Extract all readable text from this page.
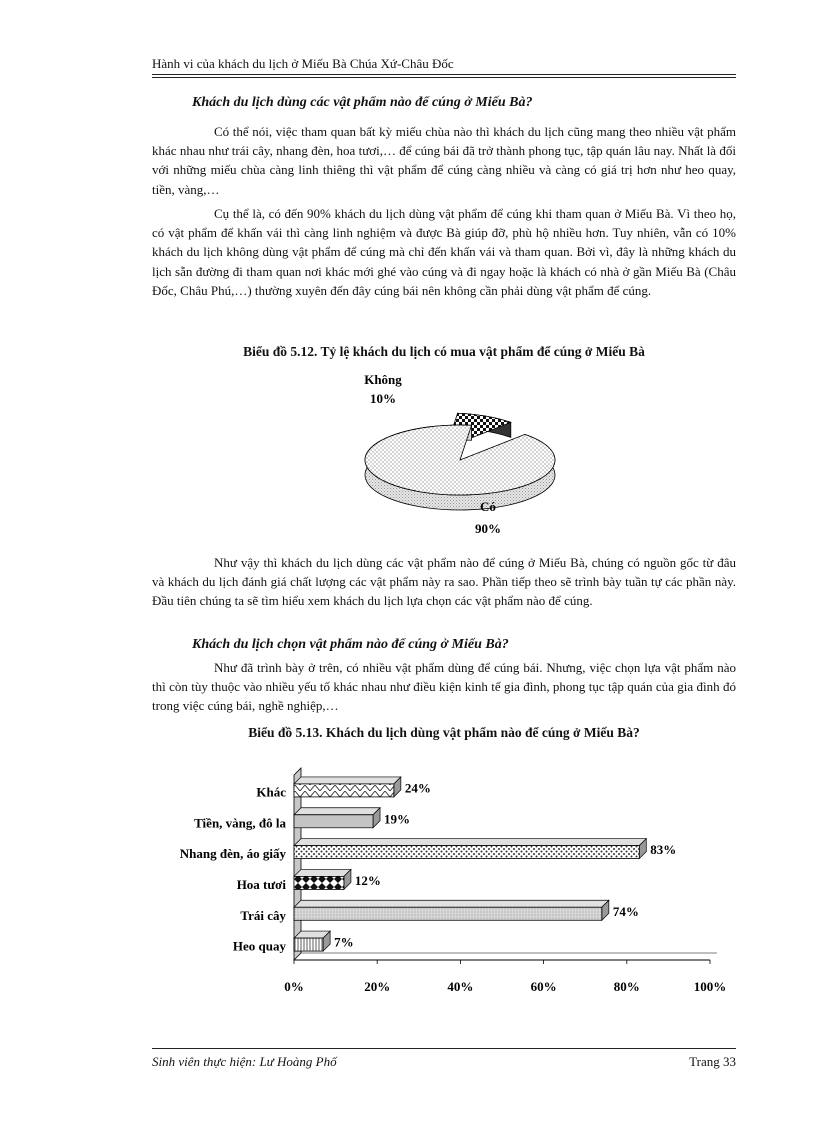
Hành vi của khách du lịch ở Miếu Bà Chúa Xứ-Châu Đốc
Khách du lịch dùng các vật phẩm nào để cúng ở Miếu Bà?

Có thể nói, việc tham quan bất kỳ miếu chùa nào thì khách du lịch cũng mang theo nhiều vật phẩm khác nhau như trái cây, nhang đèn, hoa tươi,… để cúng bái đã trở thành phong tục, tập quán lâu nay. Nhất là đối với những miếu chùa càng linh thiêng thì vật phẩm để cúng càng nhiều và càng có giá trị hơn như heo quay, tiền, vàng,…

Cụ thể là, có đến 90% khách du lịch dùng vật phẩm để cúng khi tham quan ở Miếu Bà. Vì theo họ, có vật phẩm để khấn vái thì càng linh nghiệm và được Bà giúp đỡ, phù hộ nhiều hơn. Tuy nhiên, vẫn có 10% khách du lịch không dùng vật phẩm để cúng mà chỉ đến khấn vái và tham quan. Bởi vì, đây là những khách du lịch sẵn đường đi tham quan nơi khác mới ghé vào cúng và đi ngay hoặc là khách có nhà ở gần Miếu Bà (Châu Đốc, Châu Phú,…) thường xuyên đến đây cúng bái nên không cần phải dùng vật phẩm để cúng.

Biểu đồ 5.12. Tỷ lệ khách du lịch có mua vật phẩm để cúng ở Miếu Bà
Không
10%
Có
90%

Như vậy thì khách du lịch dùng các vật phẩm nào để cúng ở Miếu Bà, chúng có nguồn gốc từ đâu và khách du lịch đánh giá chất lượng các vật phẩm này ra sao. Phần tiếp theo sẽ trình bày tuần tự các phần này. Đầu tiên chúng ta sẽ tìm hiểu xem khách du lịch lựa chọn các vật phẩm nào để cúng.

Khách du lịch chọn vật phẩm nào để cúng ở Miếu Bà?

Như đã trình bày ở trên, có nhiều vật phẩm dùng để cúng bái. Nhưng, việc chọn lựa vật phẩm nào thì còn tùy thuộc vào nhiều yếu tố khác nhau như điều kiện kinh tế gia đình, phong tục tập quán của gia đình đó trong việc cúng bái, nghề nghiệp,…

Biểu đồ 5.13. Khách du lịch dùng vật phẩm nào để cúng ở Miếu Bà?
0%	20%	40%	60%	80%	100%
Khác	24%
Tiền, vàng, đô la	19%
Nhang đèn, áo giấy	83%
Hoa tươi	12%
Trái cây	74%
Heo quay	7%
Sinh viên thực hiện: Lư Hoàng Phố	Trang 33
